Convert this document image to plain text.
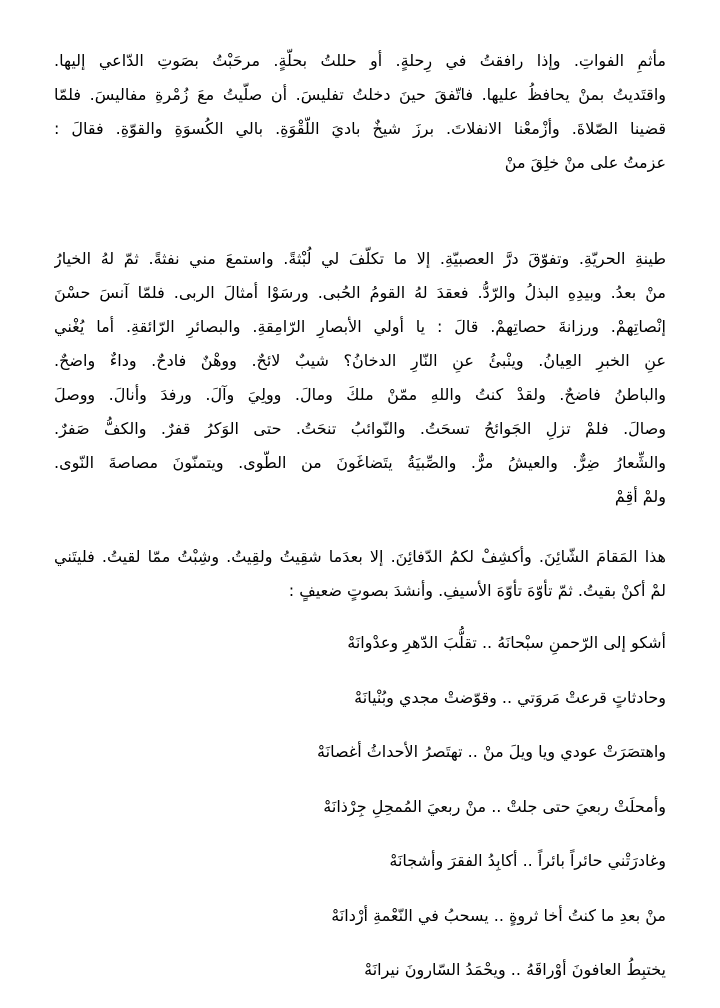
مأثمِ الفواتِ. وإذا رافقتُ في رِحلةٍ. أو حللتُ بحلّةٍ. مرحَبْتُ بصَوتِ الدّاعي إليها.
واقتَديتُ بمنْ يحافظُ عليها. فاتّفقَ حينَ دخلتُ تفليسَ. أن صلّيتُ معَ زُمْرةِ مفاليسَ. فلمّا
قضينا الصّلاةَ. وأزْمعْنا الانفلاتَ. برزَ شيخٌ باديَ اللّقْوَةِ. بالي الكُسوَةِ والقوّةِ. فقالَ :
عزمتُ على منْ خلِقَ منْ
طينةِ الحريّةِ. وتفوّقَ درَّ العصبيّةِ. إلا ما تكلّفَ لي لُبْثةً. واستمعَ مني نفثةً. ثمّ لهُ الخيارُ
منْ بعدُ. وبيدِهِ البذلُ والرّدُّ. فعقدَ لهُ القومُ الحُبى. ورسَوْا أمثالَ الربى. فلمّا آنسَ حسْنَ
إنْصاتِهمْ. ورزانةَ حصاتِهمْ. قالَ : يا أولي الأبصارِ الرّامِقةِ. والبصائرِ الرّائقةِ. أما يُغْني
عنِ الخبرِ العِيانُ. وينْبئُ عنِ النّارِ الدخانُ؟ شيبٌ لائحٌ. ووهْنٌ فادحٌ. وداءٌ واضحٌ.
والباطنُ فاضحٌ. ولقدْ كنتُ واللهِ ممّنْ ملكَ ومالَ. وولِيَ وآلَ. ورفدَ وأنالَ. ووصلَ
وصالَ. فلمْ تزلِ الجَوائحُ تسحَتُ. والنّوائبُ تنحَتُ. حتى الوَكرُ قفرٌ. والكفُّ صَفرٌ.
والشِّعارُ ضِرٌّ. والعيشُ مرٌّ. والصِّبيَةُ يتَضاغَونَ من الطّوى. ويتمنّونَ مصاصةَ النّوى.
ولمْ أقِمْ
هذا المَقامَ الشّائِنَ. وأكشِفْ لكمُ الدّفائِنَ. إلا بعدَما شقِيتُ ولقِيتُ. وشِبْتُ ممّا لقيتُ. فليتَني
لمْ أكنْ بقيتُ. ثمّ تأوّهَ تأوّهَ الأسيفِ. وأنشدَ بصوتٍ ضعيفٍ :
أشكو إلى الرّحمنِ سبْحانَهُ .. تقلُّبَ الدّهرِ وعدْوانَهْ
وحادثاتٍ قرعتْ مَروَتي .. وقوّضتْ مجدي وبُنْيانَهْ
واهتصَرَتْ عودي ويا ويلَ منْ .. تهتَصرُ الأحداثُ أغصانَهْ
وأمحلَتْ ربعيَ حتى جلتْ .. منْ ربعيَ المُمحِلِ جِرْذانَهْ
وغادرَتْني حائراً بائراً .. أكابِدُ الفقرَ وأشجانَهْ
منْ بعدِ ما كنتُ أخا ثروةٍ .. يسحبُ في النّعْمةِ أرْدانَهْ
يختبِطُ العافونَ أوْراقَهُ .. ويحْمَدُ السّارونَ نيرانَهْ
